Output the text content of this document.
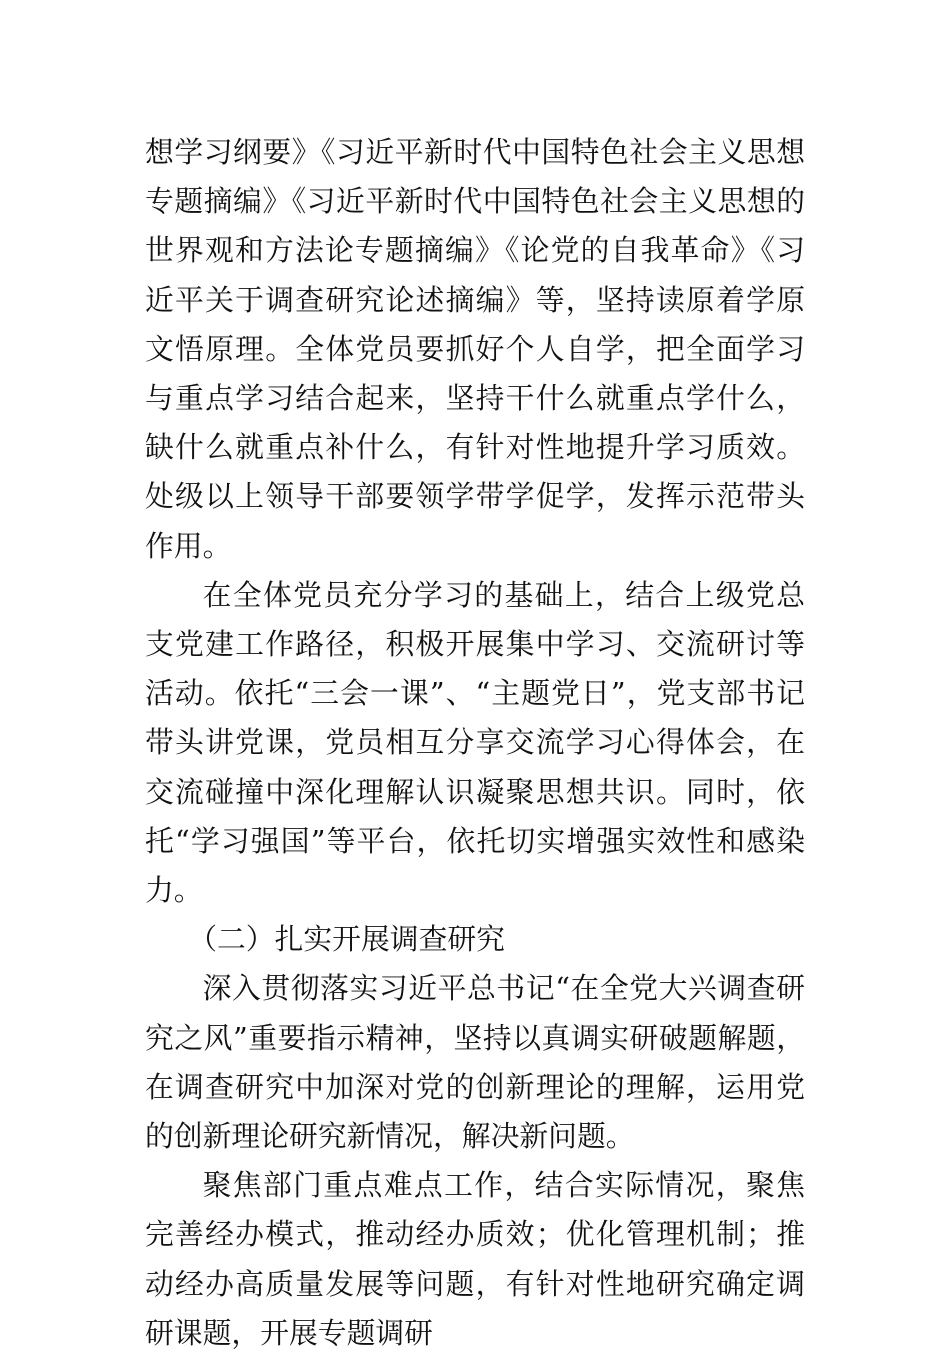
想学习纲要》《习近平新时代中国特色社会主义思想专题摘编》《习近平新时代中国特色社会主义思想的世界观和方法论专题摘编》《论党的自我革命》《习近平关于调查研究论述摘编》等，坚持读原着学原文悟原理。全体党员要抓好个人自学，把全面学习与重点学习结合起来，坚持干什么就重点学什么，缺什么就重点补什么，有针对性地提升学习质效。处级以上领导干部要领学带学促学，发挥示范带头作用。

在全体党员充分学习的基础上，结合上级党总支党建工作路径，积极开展集中学习、交流研讨等活动。依托“三会一课”、“主题党日”，党支部书记带头讲党课，党员相互分享交流学习心得体会，在交流碰撞中深化理解认识凝聚思想共识。同时，依托“学习强国”等平台，依托切实增强实效性和感染力。

（二）扎实开展调查研究

深入贯彻落实习近平总书记“在全党大兴调查研究之风”重要指示精神，坚持以真调实研破题解题，在调查研究中加深对党的创新理论的理解，运用党的创新理论研究新情况，解决新问题。

聚焦部门重点难点工作，结合实际情况，聚焦完善经办模式，推动经办质效；优化管理机制；推动经办高质量发展等问题，有针对性地研究确定调研课题，开展专题调研
